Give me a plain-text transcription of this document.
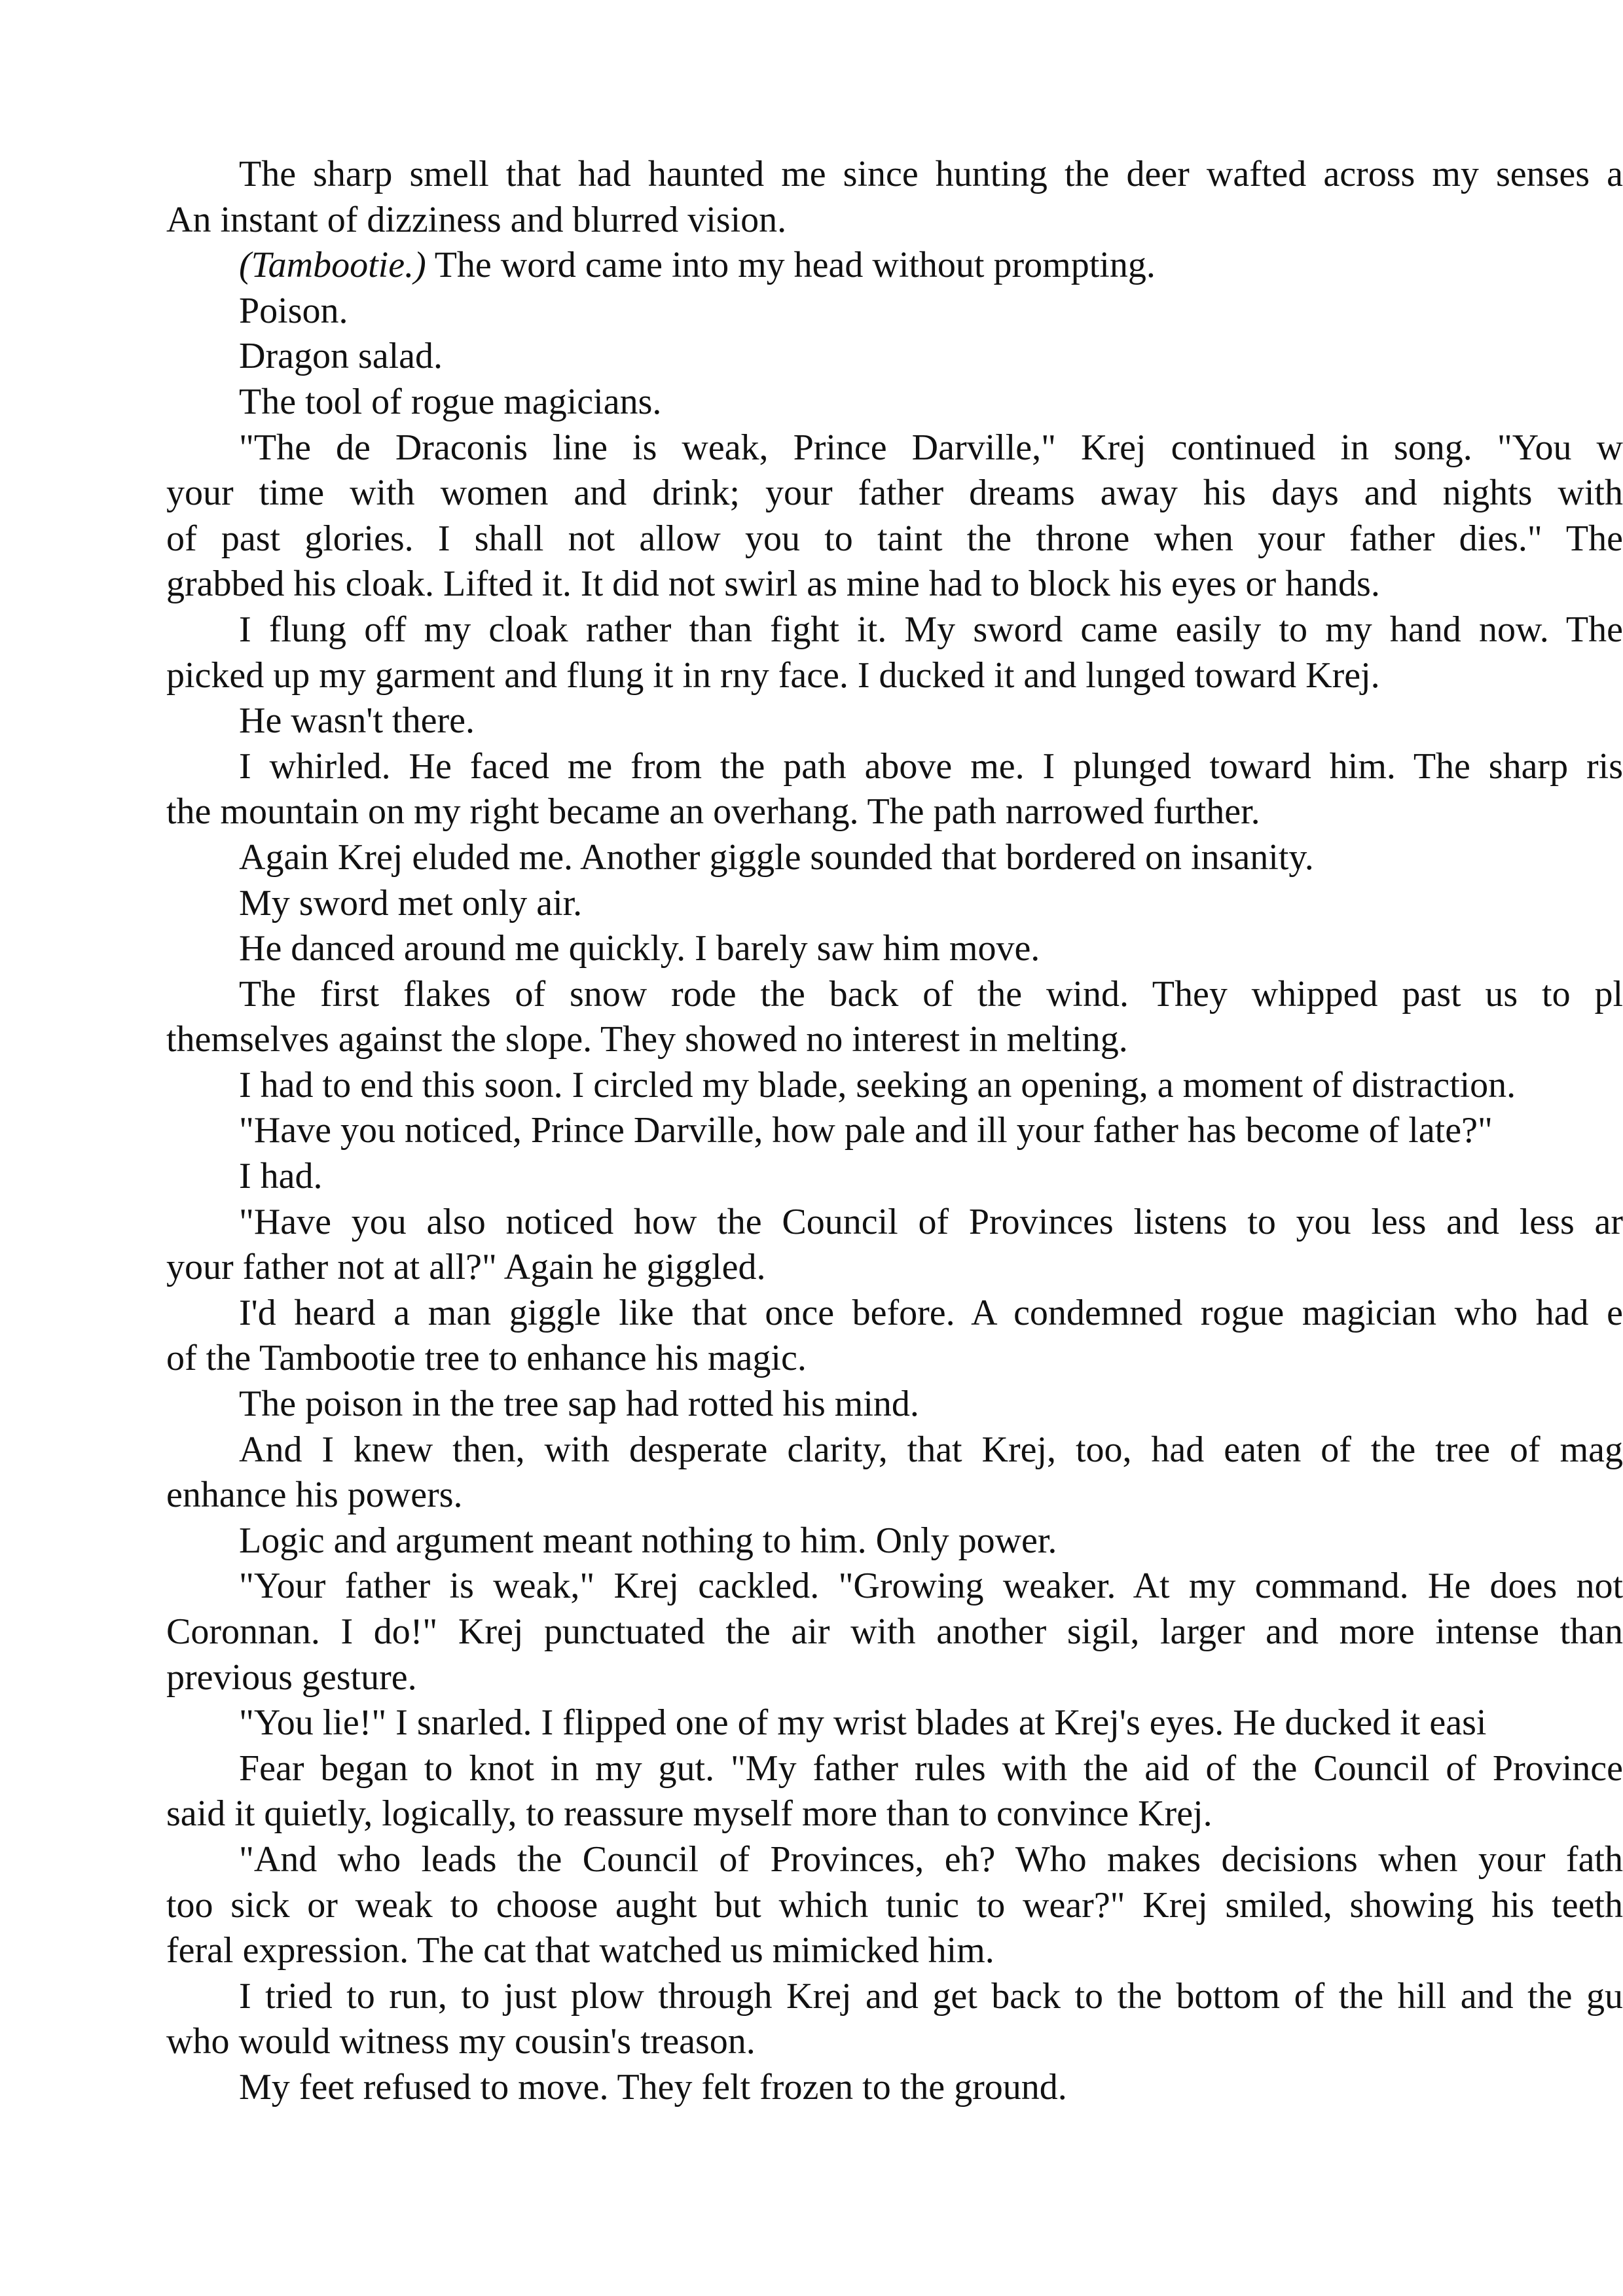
The sharp smell that had haunted me since hunting the deer wafted across my senses a
An instant of dizziness and blurred vision.
(Tambootie.) The word came into my head without prompting.
Poison.
Dragon salad.
The tool of rogue magicians.
"The de Draconis line is weak, Prince Darville," Krej continued in song. "You w
your time with women and drink; your father dreams away his days and nights with
of past glories. I shall not allow you to taint the throne when your father dies." The
grabbed his cloak. Lifted it. It did not swirl as mine had to block his eyes or hands.
I flung off my cloak rather than fight it. My sword came easily to my hand now. The
picked up my garment and flung it in rny face. I ducked it and lunged toward Krej.
He wasn't there.
I whirled. He faced me from the path above me. I plunged toward him. The sharp ris
the mountain on my right became an overhang. The path narrowed further.
Again Krej eluded me. Another giggle sounded that bordered on insanity.
My sword met only air.
He danced around me quickly. I barely saw him move.
The first flakes of snow rode the back of the wind. They whipped past us to pl
themselves against the slope. They showed no interest in melting.
I had to end this soon. I circled my blade, seeking an opening, a moment of distraction.
"Have you noticed, Prince Darville, how pale and ill your father has become of late?"
I had.
"Have you also noticed how the Council of Provinces listens to you less and less ar
your father not at all?" Again he giggled.
I'd heard a man giggle like that once before. A condemned rogue magician who had e
of the Tambootie tree to enhance his magic.
The poison in the tree sap had rotted his mind.
And I knew then, with desperate clarity, that Krej, too, had eaten of the tree of mag
enhance his powers.
Logic and argument meant nothing to him. Only power.
"Your father is weak," Krej cackled. "Growing weaker. At my command. He does not
Coronnan. I do!" Krej punctuated the air with another sigil, larger and more intense than
previous gesture.
"You lie!" I snarled. I flipped one of my wrist blades at Krej's eyes. He ducked it easi
Fear began to knot in my gut. "My father rules with the aid of the Council of Province
said it quietly, logically, to reassure myself more than to convince Krej.
"And who leads the Council of Provinces, eh? Who makes decisions when your fath
too sick or weak to choose aught but which tunic to wear?" Krej smiled, showing his teeth
feral expression. The cat that watched us mimicked him.
I tried to run, to just plow through Krej and get back to the bottom of the hill and the gu
who would witness my cousin's treason.
My feet refused to move. They felt frozen to the ground.
